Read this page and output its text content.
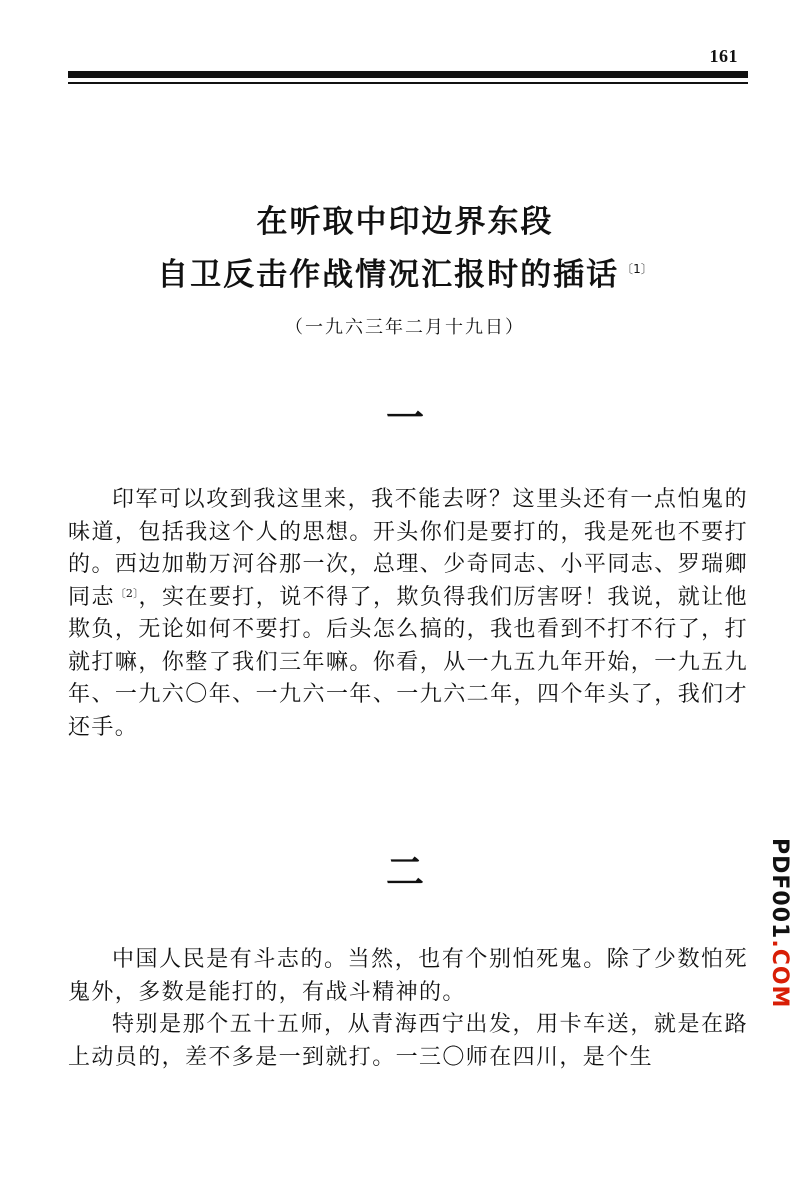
161
在听取中印边界东段
自卫反击作战情况汇报时的插话 $^{〔1〕}$
（一九六三年二月十九日）
一

印军可以攻到我这里来，我不能去呀？这里头还有一点怕鬼的味道，包括我这个人的思想。开头你们是要打的，我是死也不要打的。西边加勒万河谷那一次，总理、少奇同志、小平同志、罗瑞卿同志$^{〔2〕}$，实在要打，说不得了，欺负得我们厉害呀！我说，就让他欺负，无论如何不要打。后头怎么搞的，我也看到不打不行了，打就打嘛，你整了我们三年嘛。你看，从一九五九年开始，一九五九年、一九六〇年、一九六一年、一九六二年，四个年头了，我们才还手。

二

中国人民是有斗志的。当然，也有个别怕死鬼。除了少数怕死鬼外，多数是能打的，有战斗精神的。

特别是那个五十五师，从青海西宁出发，用卡车送，就是在路上动员的，差不多是一到就打。一三〇师在四川，是个生

PDF001.COM
